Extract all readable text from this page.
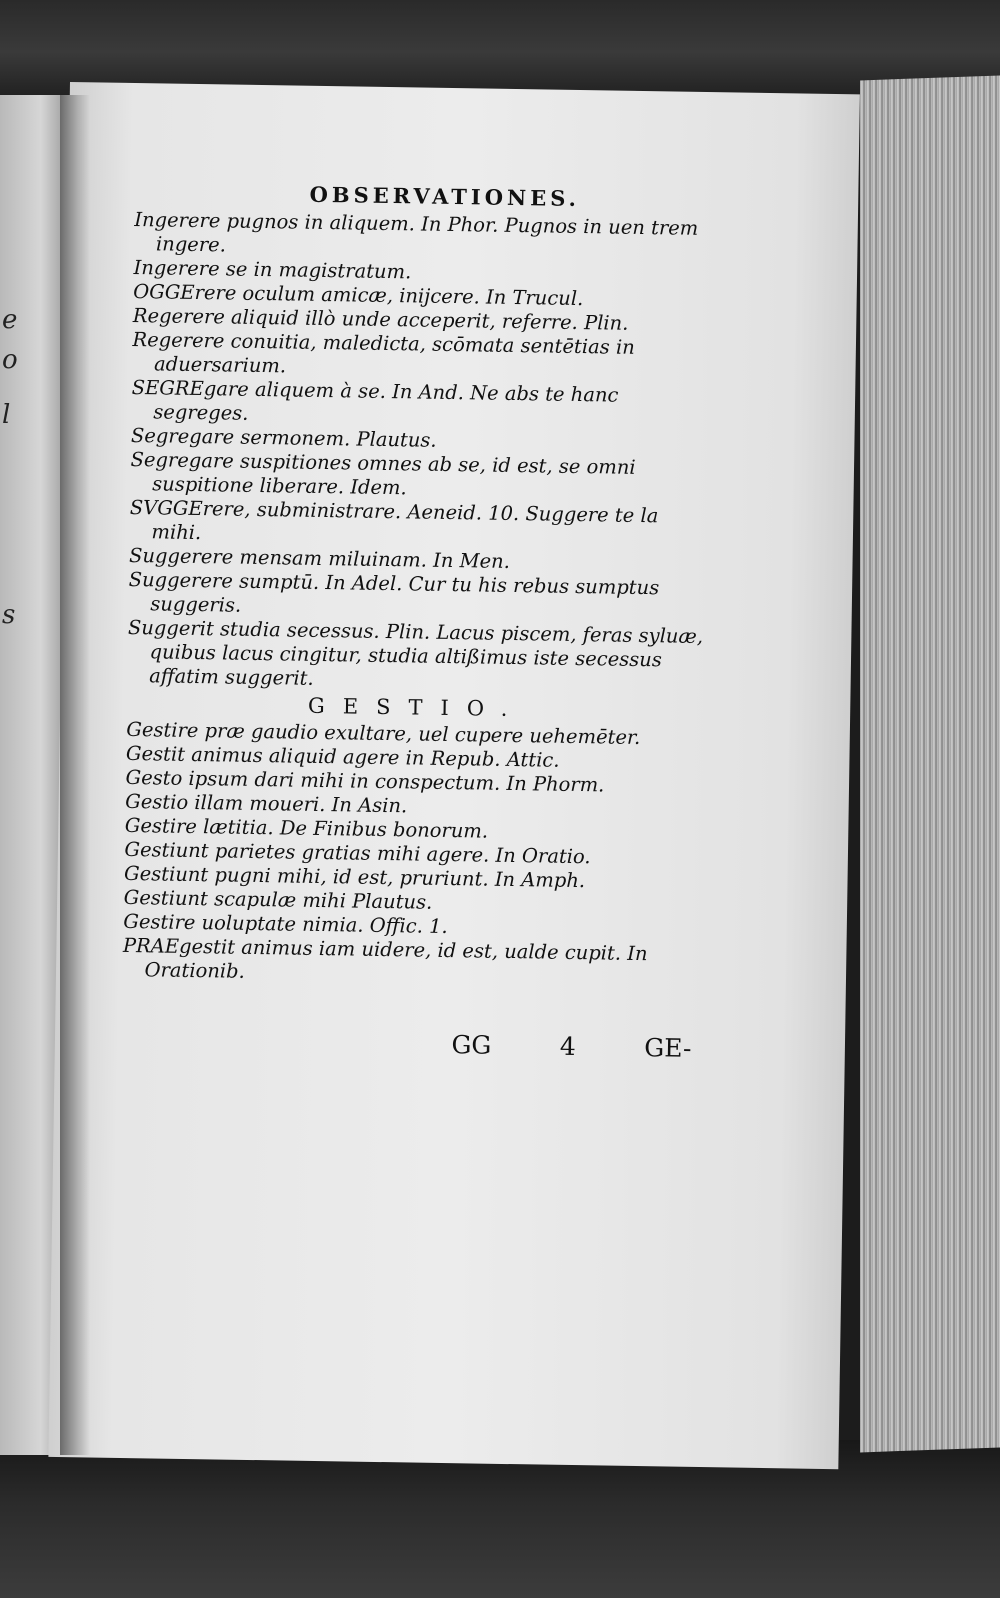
e
o
l
s
OBSERVATIONES.

Ingerere pugnos in aliquem. In Phor. Pugnos in uen trem ingere.

Ingerere se in magistratum.

OGGErere oculum amicæ, inijcere. In Trucul.

Regerere aliquid illò unde acceperit, referre. Plin.

Regerere conuitia, maledicta, scōmata sentētias in aduersarium.

SEGREgare aliquem à se. In And. Ne abs te hanc segreges.

Segregare sermonem. Plautus.

Segregare suspitiones omnes ab se, id est, se omni suspitione liberare. Idem.

SVGGErere, subministrare. Aeneid. 10. Suggere te la mihi.

Suggerere mensam miluinam. In Men.

Suggerere sumptū. In Adel. Cur tu his rebus sumptus suggeris.

Suggerit studia secessus. Plin. Lacus piscem, feras syluæ, quibus lacus cingitur, studia altißimus iste secessus affatim suggerit.

GESTIO.

Gestire præ gaudio exultare, uel cupere uehemēter.

Gestit animus aliquid agere in Repub. Attic.

Gesto ipsum dari mihi in conspectum. In Phorm.

Gestio illam moueri. In Asin.

Gestire lætitia. De Finibus bonorum.

Gestiunt parietes gratias mihi agere. In Oratio.

Gestiunt pugni mihi, id est, pruriunt. In Amph.

Gestiunt scapulæ mihi Plautus.

Gestire uoluptate nimia. Offic. 1.

PRAEgestit animus iam uidere, id est, ualde cupit. In Orationib.

GG	4	GE-
